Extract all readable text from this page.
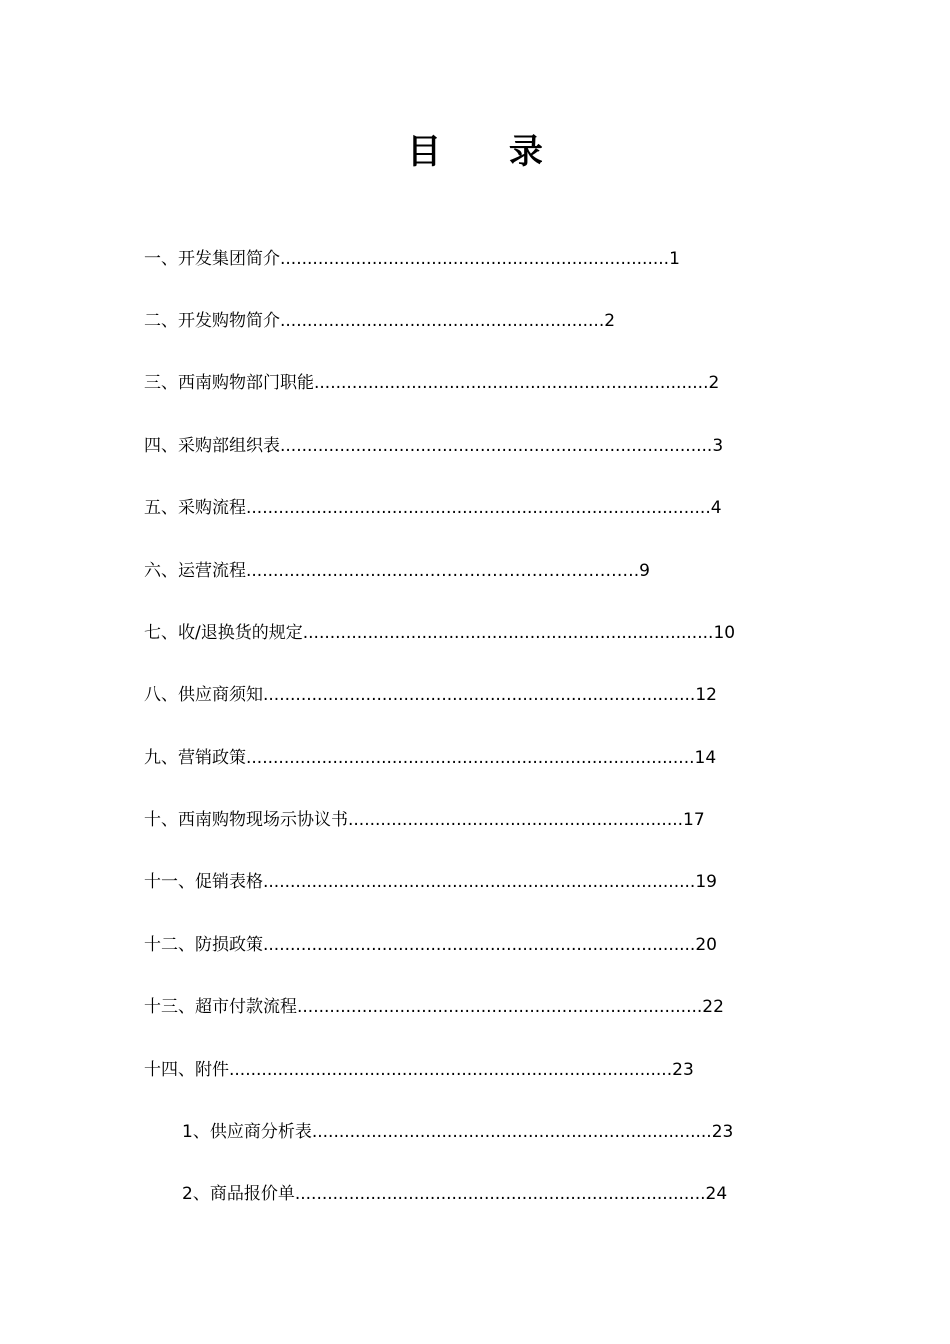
目 录
一、开发集团简介........................................................................1
二、开发购物简介............................................................2
三、西南购物部门职能.........................................................................2
四、采购部组织表................................................................................3
五、采购流程......................................................................................4
六、运营流程..................................……………………………….9
七、收/退换货的规定............................................................................10
八、供应商须知................................................................................12
九、营销政策...................................................................................14
十、西南购物现场示协议书..............................................................17
十一、促销表格................................................................................19
十二、防损政策................................................................................20
十三、超市付款流程...........................................................................22
十四、附件..................................................................................23
1、供应商分析表..........................................................................23
2、商品报价单............................................................................24
